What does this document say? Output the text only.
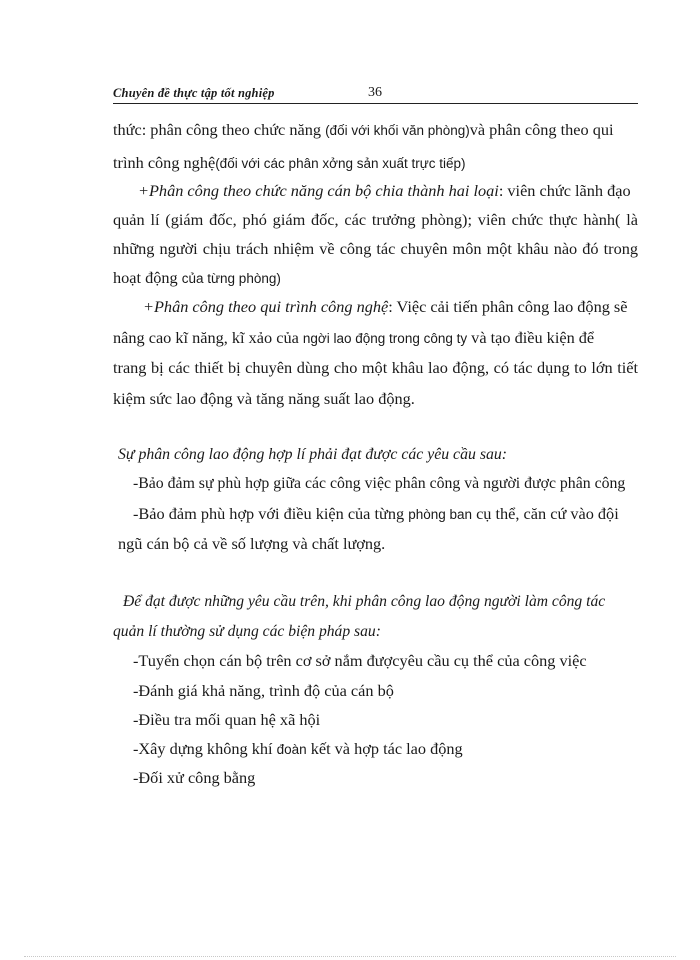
Chuyên đề thực tập tốt nghiệp	36
thức: phân công theo chức năng (đối với khối văn phòng)và phân công theo qui
trình công nghệ(đối với các phân xởng sản xuất trực tiếp)
+Phân công theo chức năng cán bộ chia thành hai loại: viên chức lãnh đạo
quản lí (giám đốc, phó giám đốc, các trưởng phòng); viên chức thực hành( là
những người chịu trách nhiệm về công tác chuyên môn một khâu nào đó trong
hoạt động của từng phòng)
+Phân công theo qui trình công nghệ: Việc cải tiến phân công lao động sẽ
nâng cao kĩ năng, kĩ xảo của ngời lao động trong công ty và tạo điều kiện để
trang bị các thiết bị chuyên dùng cho một khâu lao động, có tác dụng to lớn tiết
kiệm sức lao động và tăng năng suất lao động.
Sự phân công lao động hợp lí phải đạt được các yêu cầu sau:
-Bảo đảm sự phù hợp giữa các công việc phân công và người được phân công
-Bảo đảm phù hợp với điều kiện của từng phòng ban cụ thể, căn cứ vào đội
ngũ cán bộ cả về số lượng và chất lượng.
Để đạt được những yêu cầu trên, khi phân công lao động người làm công tác
quản lí thường sử dụng các biện pháp sau:
-Tuyển chọn cán bộ trên cơ sở nắm đượcyêu cầu cụ thể của công việc
-Đánh giá khả năng, trình độ của cán bộ
-Điều tra mối quan hệ xã hội
-Xây dựng không khí đoàn kết và hợp tác lao động
-Đối xử công bằng
